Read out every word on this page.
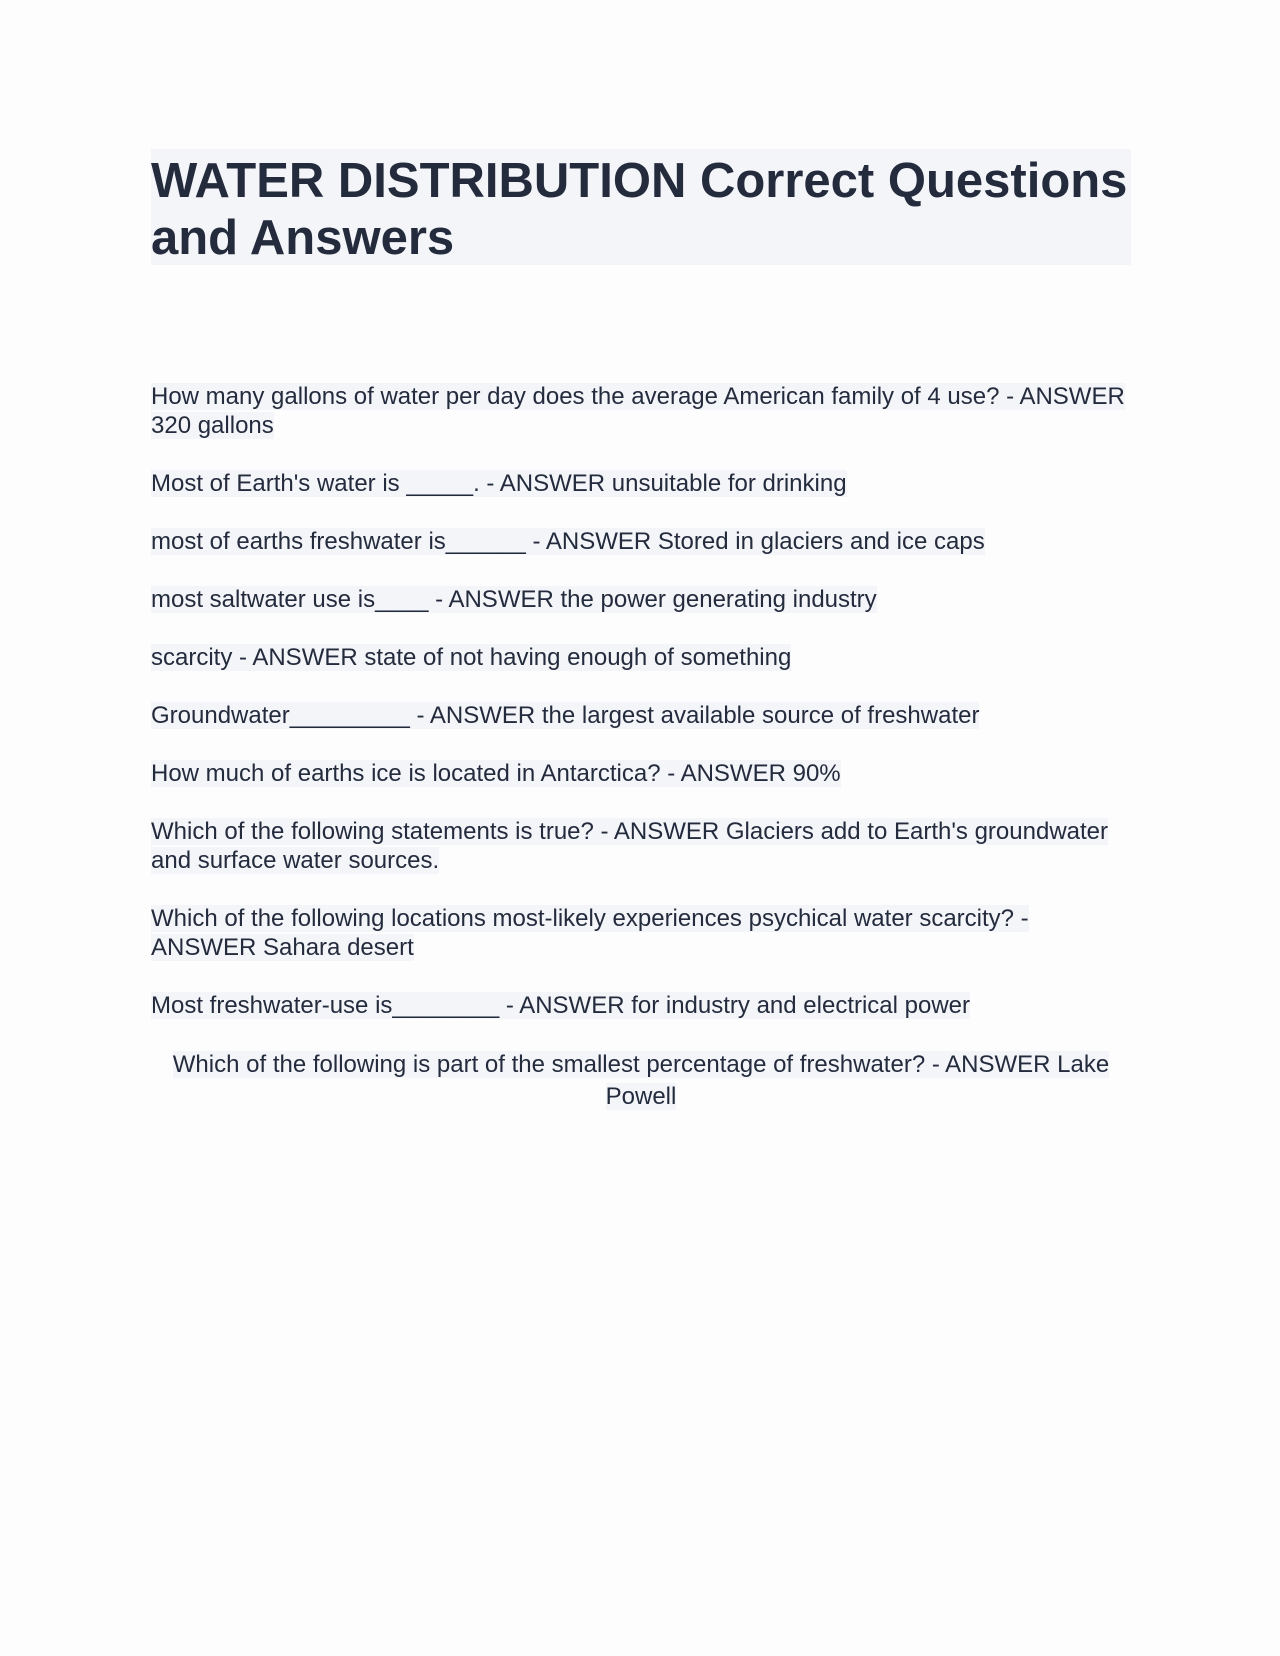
WATER DISTRIBUTION Correct Questions and Answers

How many gallons of water per day does the average American family of 4 use? - ANSWER 320 gallons

Most of Earth's water is _____. - ANSWER unsuitable for drinking

most of earths freshwater is______ - ANSWER Stored in glaciers and ice caps

most saltwater use is____ - ANSWER the power generating industry

scarcity - ANSWER state of not having enough of something

Groundwater_________ - ANSWER the largest available source of freshwater

How much of earths ice is located in Antarctica? - ANSWER 90%

Which of the following statements is true? - ANSWER Glaciers add to Earth's groundwater and surface water sources.

Which of the following locations most-likely experiences psychical water scarcity? - ANSWER Sahara desert

Most freshwater-use is________ - ANSWER for industry and electrical power

Which of the following is part of the smallest percentage of freshwater? - ANSWER Lake Powell
